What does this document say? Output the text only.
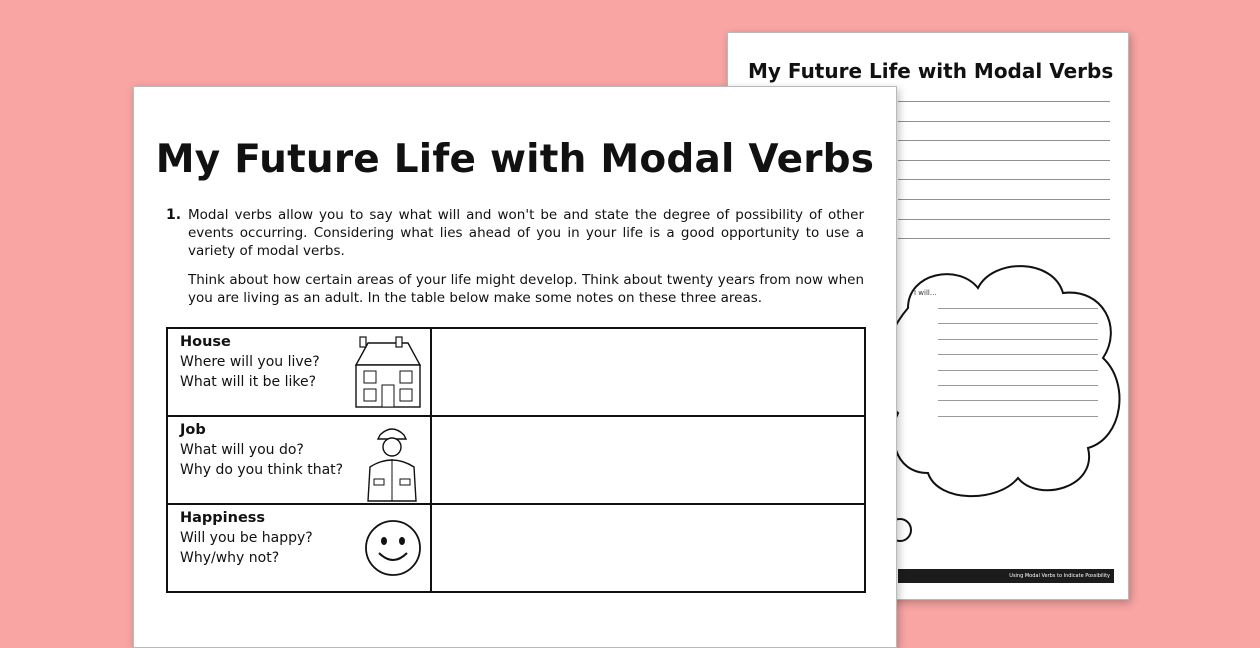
My Future Life with Modal Verbs
I will...
Using Modal Verbs to Indicate Possibility
My Future Life with Modal Verbs
1. Modal verbs allow you to say what will and won't be and state the degree of possibility of other events occurring. Considering what lies ahead of you in your life is a good opportunity to use a variety of modal verbs.
Think about how certain areas of your life might develop. Think about twenty years from now when you are living as an adult. In the table below make some notes on these three areas.
House
Where will you live?
What will it be like?	

Job
What will you do?
Why do you think that?	

Happiness
Will you be happy?
Why/why not?	
